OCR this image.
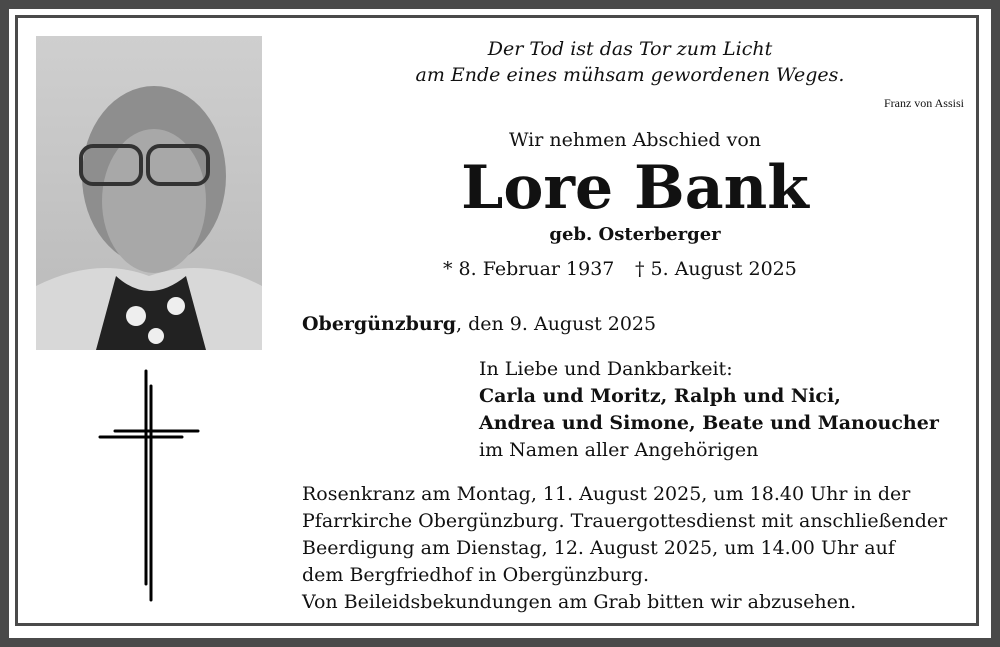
Der Tod ist das Tor zum Licht
am Ende eines mühsam gewordenen Weges.
Franz von Assisi
Wir nehmen Abschied von
Lore Bank
geb. Osterberger
* 8. Februar 1937 † 5. August 2025
Obergünzburg, den 9. August 2025
In Liebe und Dankbarkeit:
Carla und Moritz, Ralph und Nici,
Andrea und Simone, Beate und Manoucher
im Namen aller Angehörigen
Rosenkranz am Montag, 11. August 2025, um 18.40 Uhr in der
Pfarrkirche Obergünzburg. Trauergottesdienst mit anschließender
Beerdigung am Dienstag, 12. August 2025, um 14.00 Uhr auf
dem Bergfriedhof in Obergünzburg.
Von Beileidsbekundungen am Grab bitten wir abzusehen.
